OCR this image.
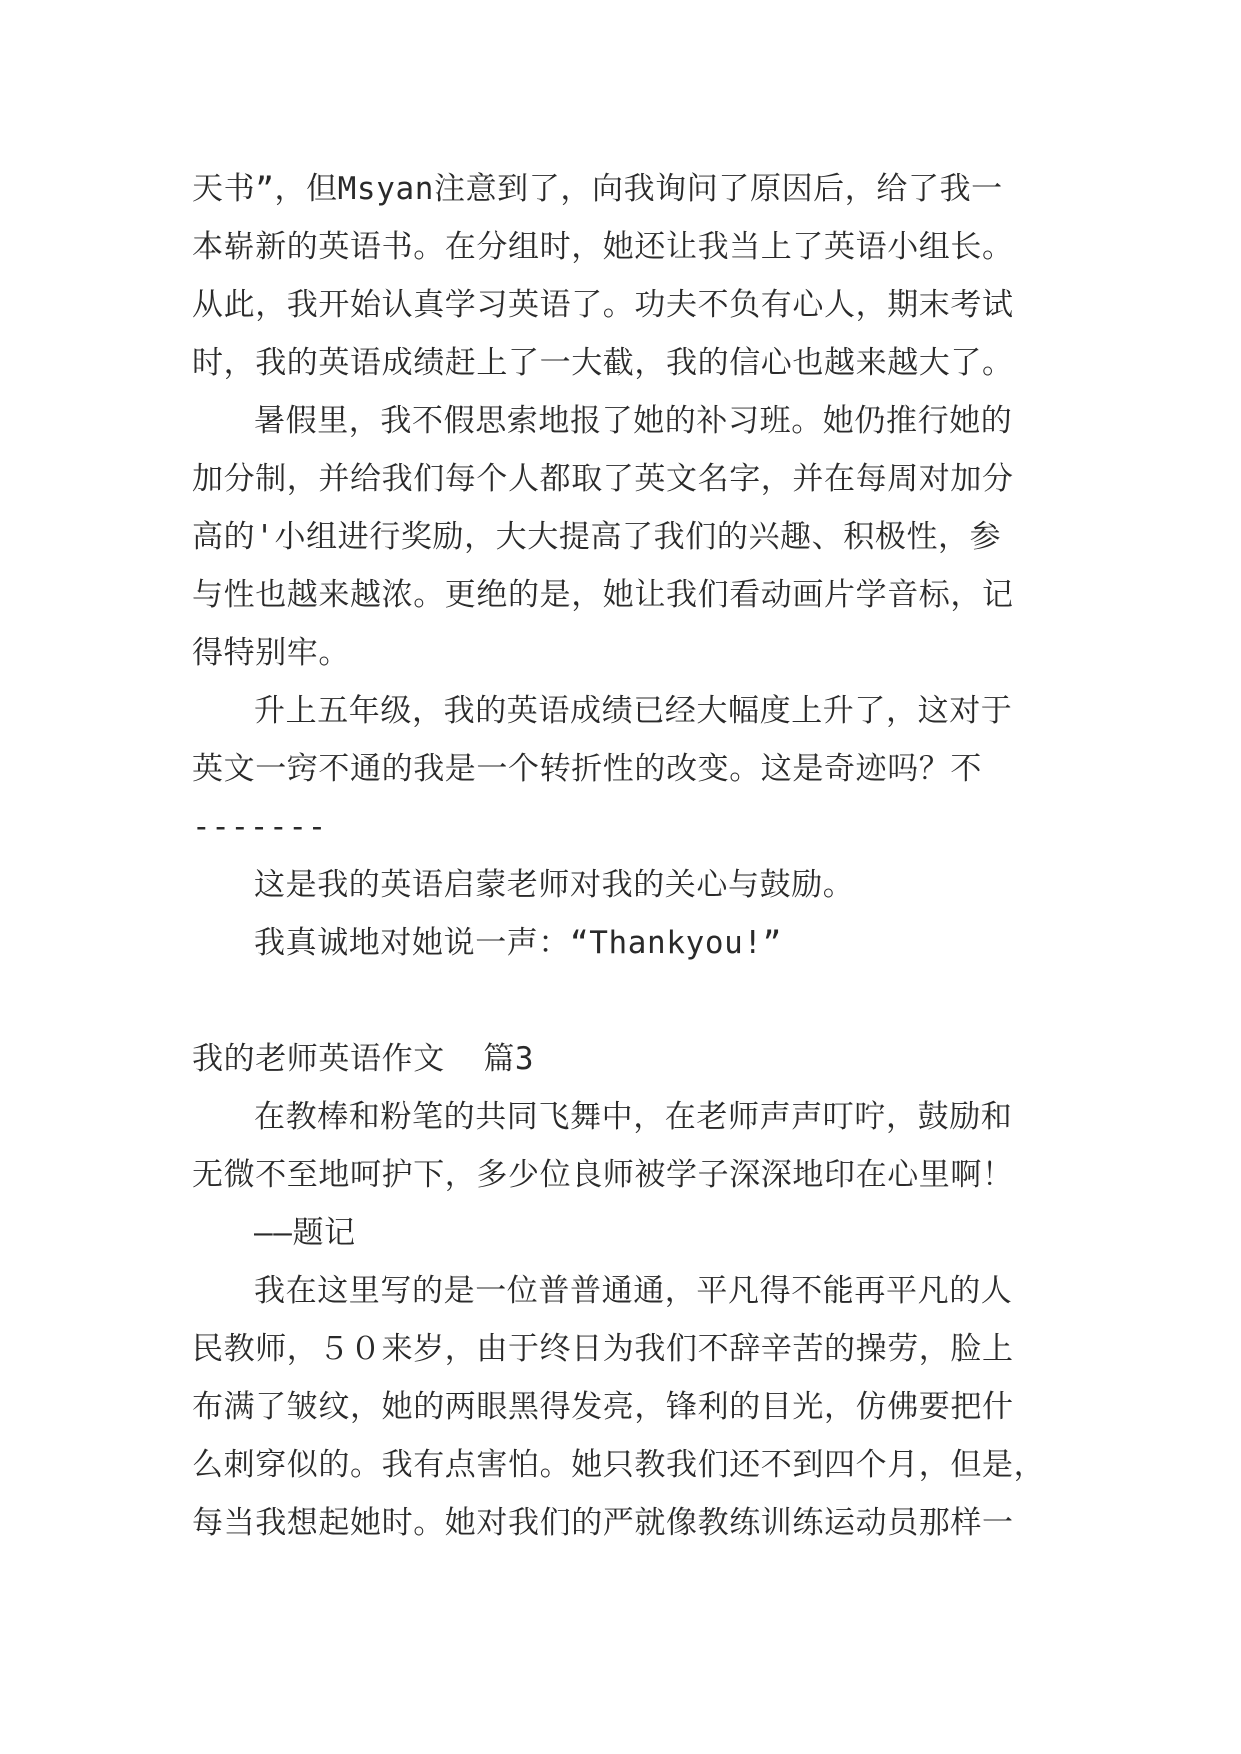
天书”，但Msyan注意到了，向我询问了原因后，给了我一
本崭新的英语书。在分组时，她还让我当上了英语小组长。
从此，我开始认真学习英语了。功夫不负有心人，期末考试
时，我的英语成绩赶上了一大截，我的信心也越来越大了。
暑假里，我不假思索地报了她的补习班。她仍推行她的
加分制，并给我们每个人都取了英文名字，并在每周对加分
高的'小组进行奖励，大大提高了我们的兴趣、积极性，参
与性也越来越浓。更绝的是，她让我们看动画片学音标，记
得特别牢。
升上五年级，我的英语成绩已经大幅度上升了，这对于
英文一窍不通的我是一个转折性的改变。这是奇迹吗？不
-------
这是我的英语启蒙老师对我的关心与鼓励。
我真诚地对她说一声：“Thankyou!”
我的老师英语作文  篇3
在教棒和粉笔的共同飞舞中，在老师声声叮咛，鼓励和
无微不至地呵护下，多少位良师被学子深深地印在心里啊！
——题记
我在这里写的是一位普普通通，平凡得不能再平凡的人
民教师，５０来岁，由于终日为我们不辞辛苦的操劳，脸上
布满了皱纹，她的两眼黑得发亮，锋利的目光，仿佛要把什
么刺穿似的。我有点害怕。她只教我们还不到四个月，但是，
每当我想起她时。她对我们的严就像教练训练运动员那样一
